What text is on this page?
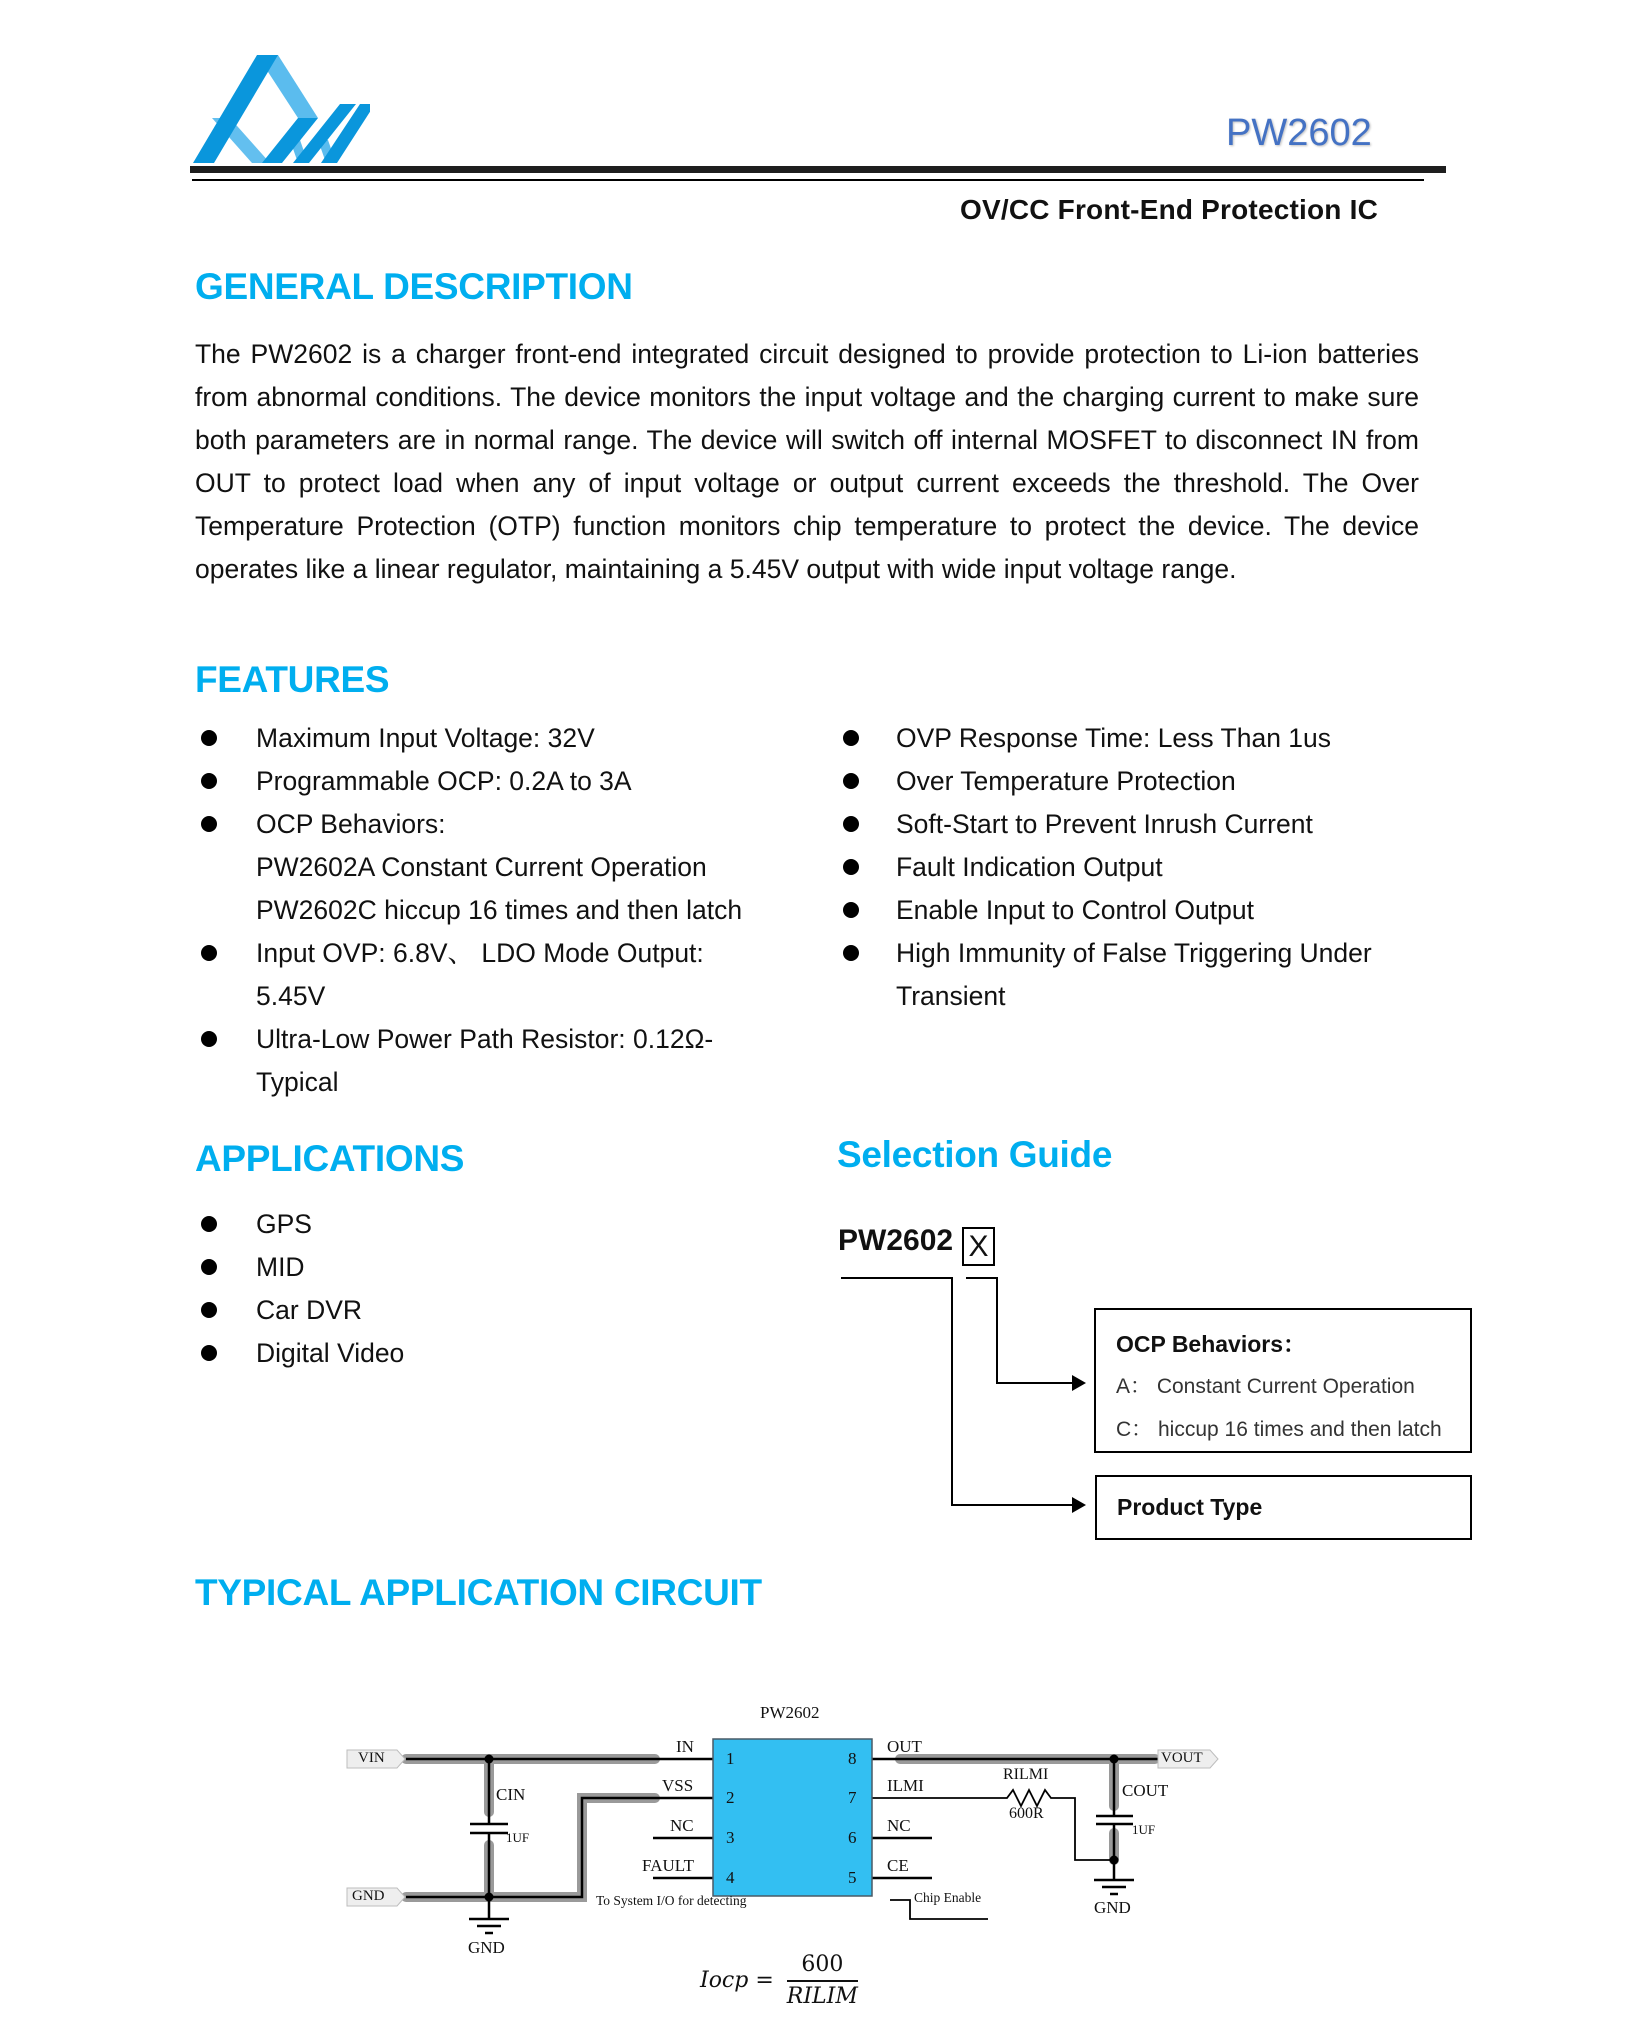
PW2602
OV/CC Front-End Protection IC
GENERAL DESCRIPTION
The PW2602 is a charger front-end integrated circuit designed to provide protection to Li-ion batteries from abnormal conditions. The device monitors the input voltage and the charging current to make sure both parameters are in normal range. The device will switch off internal MOSFET to disconnect IN from OUT to protect load when any of input voltage or output current exceeds the threshold. The Over Temperature Protection (OTP) function monitors chip temperature to protect the device. The device operates like a linear regulator, maintaining a 5.45V output with wide input voltage range.
FEATURES
Maximum Input Voltage: 32V
Programmable OCP: 0.2A to 3A
OCP Behaviors:
PW2602A Constant Current Operation
PW2602C hiccup 16 times and then latch
Input OVP: 6.8V、 LDO Mode Output: 5.45V
Ultra-Low Power Path Resistor: 0.12Ω-Typical
OVP Response Time: Less Than 1us
Over Temperature Protection
Soft-Start to Prevent Inrush Current
Fault Indication Output
Enable Input to Control Output
High Immunity of False Triggering Under Transient
APPLICATIONS
GPS
MID
Car DVR
Digital Video
Selection Guide
PW2602 X
OCP Behaviors：
A： Constant Current Operation
C： hiccup 16 times and then latch
Product Type
TYPICAL APPLICATION CIRCUIT
PW2602
IN
VSS
NC
FAULT
1
2
3
4
8
7
6
5
OUT
ILMI
NC
CE
VIN
GND
VOUT
CIN
1UF
COUT
1UF
RILMI
600R
GND
GND
To System I/O for detecting	Chip Enable
Iocp = $\frac{600}{\text{RILIM}}$
